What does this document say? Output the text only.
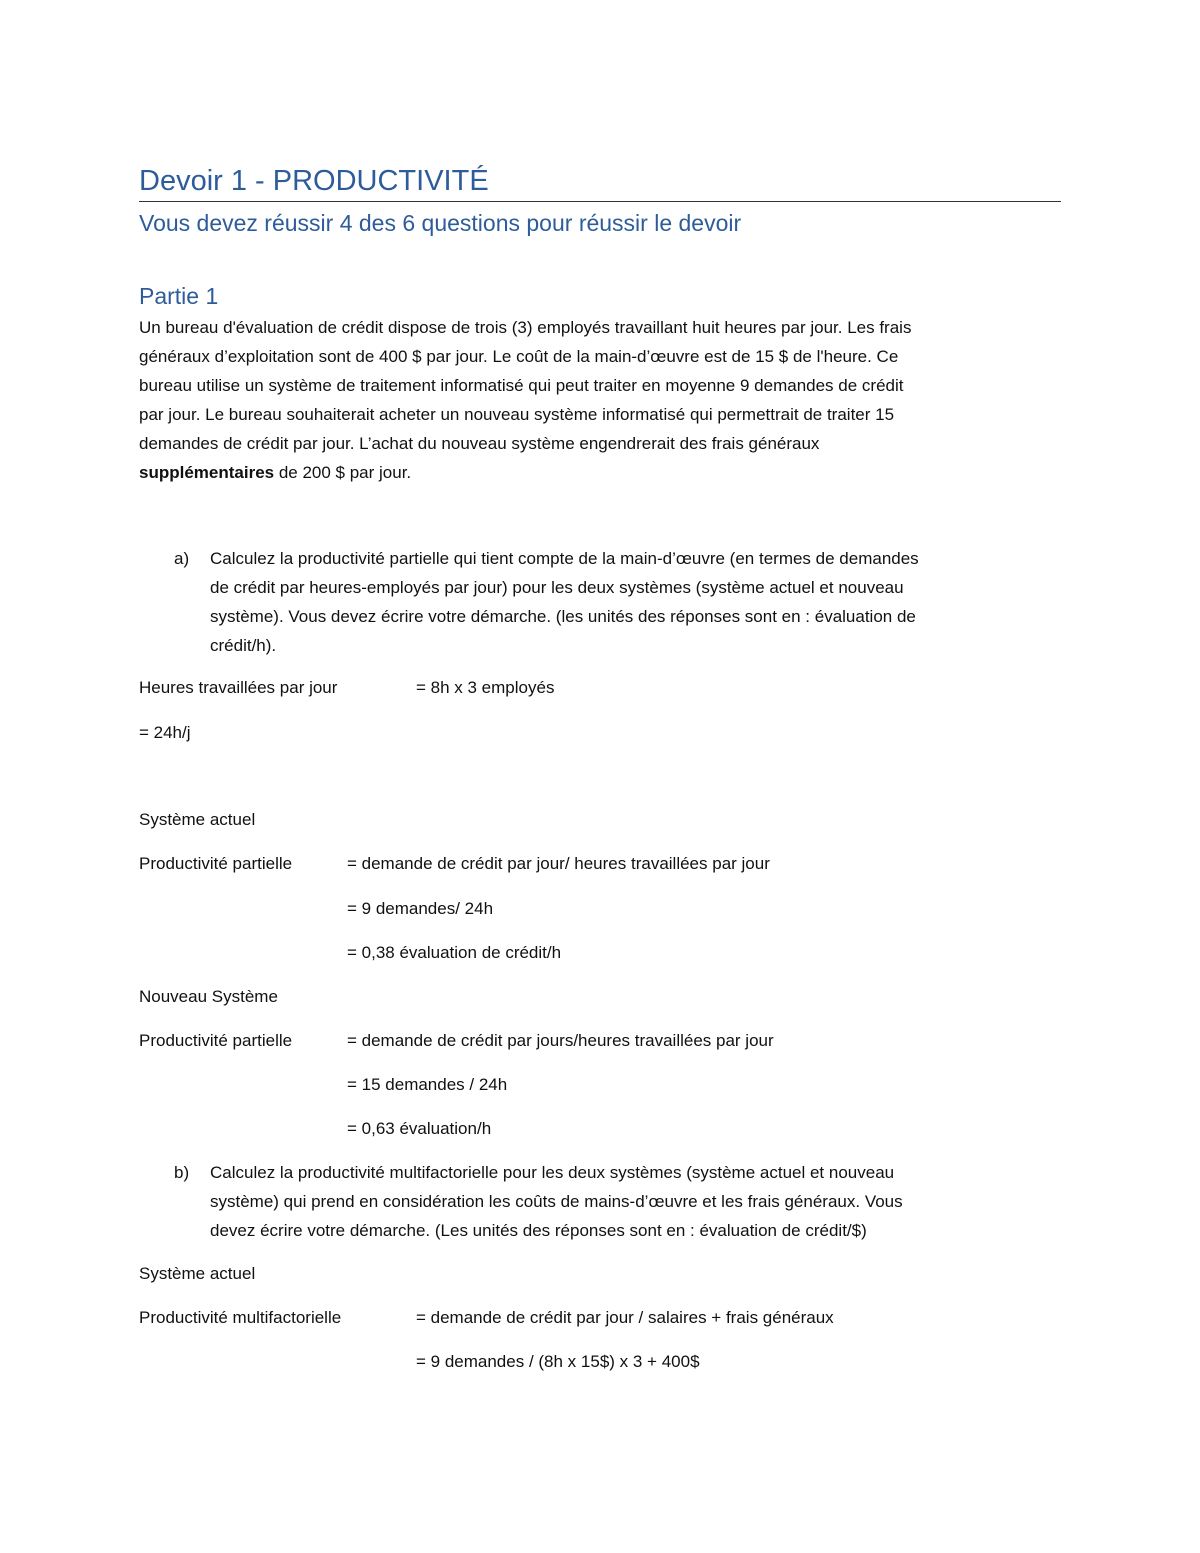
Devoir 1 - PRODUCTIVITÉ
Vous devez réussir 4 des 6 questions pour réussir le devoir
Partie 1
Un bureau d'évaluation de crédit dispose de trois (3) employés travaillant huit heures par jour. Les frais
généraux d’exploitation sont de 400 $ par jour. Le coût de la main-d’œuvre est de 15 $ de l'heure. Ce
bureau utilise un système de traitement informatisé qui peut traiter en moyenne 9 demandes de crédit
par jour. Le bureau souhaiterait acheter un nouveau système informatisé qui permettrait de traiter 15
demandes de crédit par jour. L’achat du nouveau système engendrerait des frais généraux
supplémentaires de 200 $ par jour.
a)	Calculez la productivité partielle qui tient compte de la main-d’œuvre (en termes de demandes
de crédit par heures-employés par jour) pour les deux systèmes (système actuel et nouveau
système). Vous devez écrire votre démarche. (les unités des réponses sont en : évaluation de
crédit/h).
Heures travaillées par jour	= 8h x 3 employés
= 24h/j
Système actuel
Productivité partielle	= demande de crédit par jour/ heures travaillées par jour
= 9 demandes/ 24h
= 0,38 évaluation de crédit/h
Nouveau Système
Productivité partielle	= demande de crédit par jours/heures travaillées par jour
= 15 demandes / 24h
= 0,63 évaluation/h
b)	Calculez la productivité multifactorielle pour les deux systèmes (système actuel et nouveau
système) qui prend en considération les coûts de mains-d’œuvre et les frais généraux. Vous
devez écrire votre démarche. (Les unités des réponses sont en : évaluation de crédit/$)
Système actuel
Productivité multifactorielle	= demande de crédit par jour / salaires + frais généraux
= 9 demandes / (8h x 15$) x 3 + 400$
